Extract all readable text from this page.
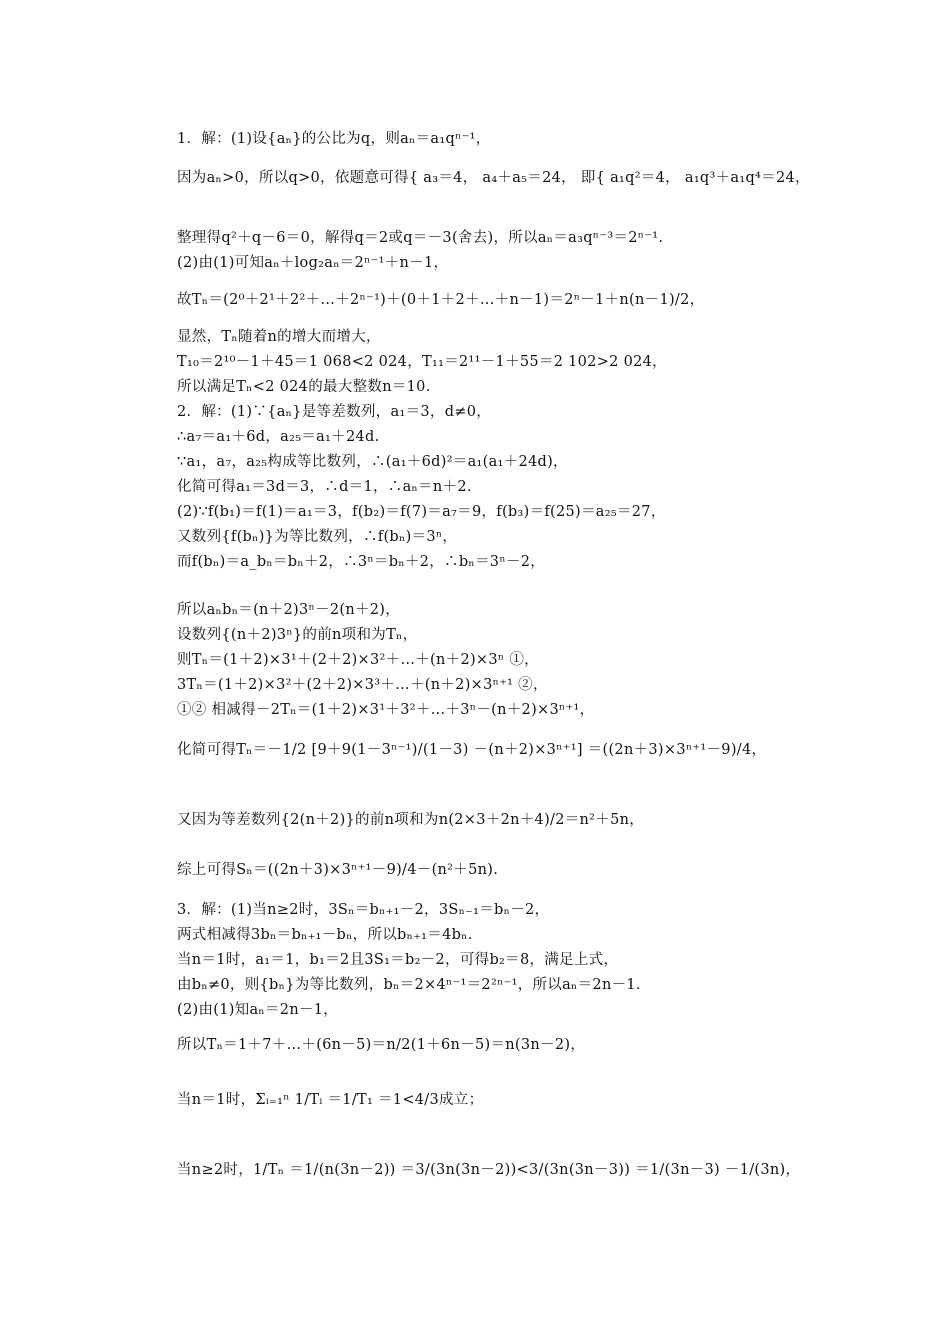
1．解：(1)设{aₙ}的公比为q，则aₙ＝a₁qⁿ⁻¹，
因为aₙ>0，所以q>0，依题意可得{ a₃＝4， a₄＋a₅＝24， 即{ a₁q²＝4， a₁q³＋a₁q⁴＝24，
整理得q²＋q－6＝0，解得q＝2或q＝－3(舍去)，所以aₙ＝a₃qⁿ⁻³＝2ⁿ⁻¹.
(2)由(1)可知aₙ＋log₂aₙ＝2ⁿ⁻¹＋n－1，
故Tₙ＝(2⁰＋2¹＋2²＋…＋2ⁿ⁻¹)＋(0＋1＋2＋…＋n－1)＝2ⁿ－1＋n(n－1)/2，
显然，Tₙ随着n的增大而增大，
T₁₀＝2¹⁰－1＋45＝1 068<2 024，T₁₁＝2¹¹－1＋55＝2 102>2 024，
所以满足Tₙ<2 024的最大整数n＝10.
2．解：(1)∵{aₙ}是等差数列，a₁＝3，d≠0，
∴a₇＝a₁＋6d，a₂₅＝a₁＋24d.
∵a₁，a₇，a₂₅构成等比数列，∴(a₁＋6d)²＝a₁(a₁＋24d)，
化简可得a₁＝3d＝3，∴d＝1，∴aₙ＝n＋2.
(2)∵f(b₁)＝f(1)＝a₁＝3，f(b₂)＝f(7)＝a₇＝9，f(b₃)＝f(25)＝a₂₅＝27，
又数列{f(bₙ)}为等比数列，∴f(bₙ)＝3ⁿ，
而f(bₙ)＝a_bₙ＝bₙ＋2，∴3ⁿ＝bₙ＋2，∴bₙ＝3ⁿ－2，
所以aₙbₙ＝(n＋2)3ⁿ－2(n＋2)，
设数列{(n＋2)3ⁿ}的前n项和为Tₙ，
则Tₙ＝(1＋2)×3¹＋(2＋2)×3²＋…＋(n＋2)×3ⁿ ①，
3Tₙ＝(1＋2)×3²＋(2＋2)×3³＋…＋(n＋2)×3ⁿ⁺¹ ②，
①② 相减得－2Tₙ＝(1＋2)×3¹＋3²＋…＋3ⁿ－(n＋2)×3ⁿ⁺¹，
化简可得Tₙ＝－1/2 [9＋9(1－3ⁿ⁻¹)/(1－3) －(n＋2)×3ⁿ⁺¹] ＝((2n＋3)×3ⁿ⁺¹－9)/4，
又因为等差数列{2(n＋2)}的前n项和为n(2×3＋2n＋4)/2＝n²＋5n，
综上可得Sₙ＝((2n＋3)×3ⁿ⁺¹－9)/4－(n²＋5n).
3．解：(1)当n≥2时，3Sₙ＝bₙ₊₁－2，3Sₙ₋₁＝bₙ－2，
两式相减得3bₙ＝bₙ₊₁－bₙ，所以bₙ₊₁＝4bₙ.
当n＝1时，a₁＝1，b₁＝2且3S₁＝b₂－2，可得b₂＝8，满足上式，
由bₙ≠0，则{bₙ}为等比数列，bₙ＝2×4ⁿ⁻¹＝2²ⁿ⁻¹，所以aₙ＝2n－1.
(2)由(1)知aₙ＝2n－1，
所以Tₙ＝1＋7＋…＋(6n－5)＝n/2(1＋6n－5)＝n(3n－2)，
当n＝1时，Σᵢ₌₁ⁿ 1/Tᵢ ＝1/T₁ ＝1<4/3成立；
当n≥2时，1/Tₙ ＝1/(n(3n－2)) ＝3/(3n(3n－2))<3/(3n(3n－3)) ＝1/(3n－3) －1/(3n)，
